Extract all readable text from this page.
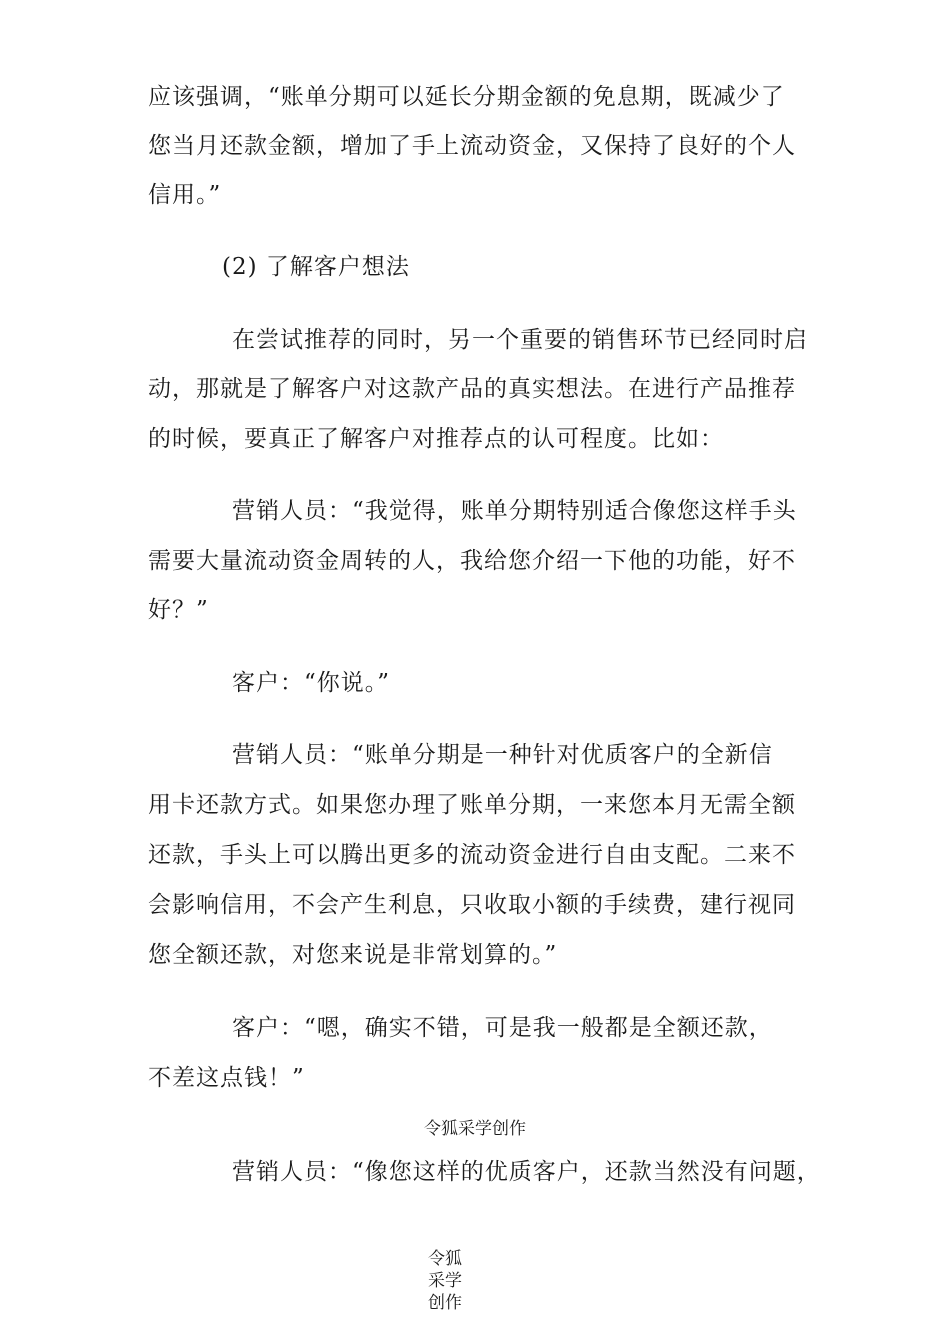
应该强调，“账单分期可以延长分期金额的免息期，既减少了
您当月还款金额，增加了手上流动资金，又保持了良好的个人
信用。”
(2) 了解客户想法
在尝试推荐的同时，另一个重要的销售环节已经同时启
动，那就是了解客户对这款产品的真实想法。在进行产品推荐
的时候，要真正了解客户对推荐点的认可程度。比如：
营销人员：“我觉得，账单分期特别适合像您这样手头
需要大量流动资金周转的人，我给您介绍一下他的功能，好不
好？”
客户：“你说。”
营销人员：“账单分期是一种针对优质客户的全新信
用卡还款方式。如果您办理了账单分期，一来您本月无需全额
还款，手头上可以腾出更多的流动资金进行自由支配。二来不
会影响信用，不会产生利息，只收取小额的手续费，建行视同
您全额还款，对您来说是非常划算的。”
客户：“嗯，确实不错，可是我一般都是全额还款，
不差这点钱！”
令狐采学创作
营销人员：“像您这样的优质客户，还款当然没有问题，
令狐
采学
创作
